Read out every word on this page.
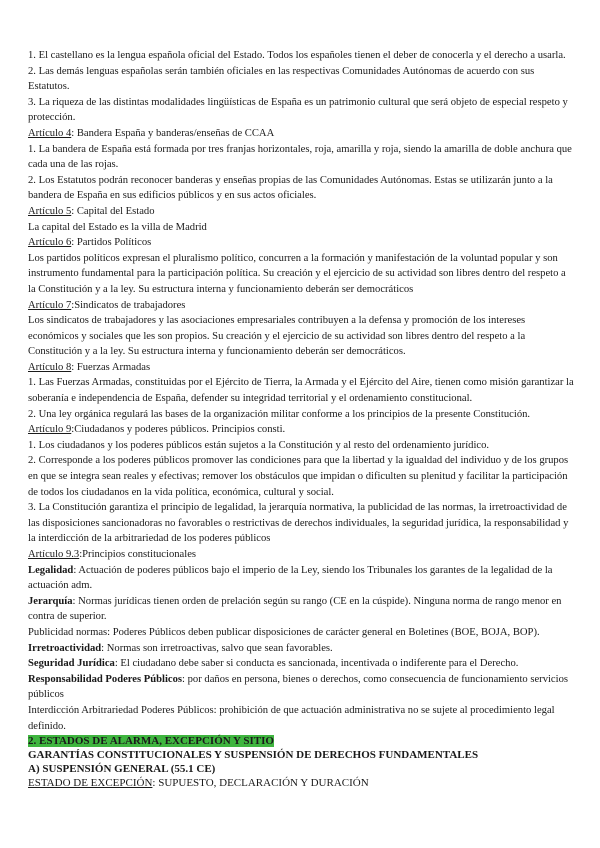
1. El castellano es la lengua española oficial del Estado. Todos los españoles tienen el deber de conocerla y el derecho a usarla.

2. Las demás lenguas españolas serán también oficiales en las respectivas Comunidades Autónomas de acuerdo con sus Estatutos.

3. La riqueza de las distintas modalidades lingüísticas de España es un patrimonio cultural que será objeto de especial respeto y protección.

Artículo 4: Bandera España y banderas/enseñas de CCAA

1. La bandera de España está formada por tres franjas horizontales, roja, amarilla y roja, siendo la amarilla de doble anchura que cada una de las rojas.

2. Los Estatutos podrán reconocer banderas y enseñas propias de las Comunidades Autónomas. Estas se utilizarán junto a la bandera de España en sus edificios públicos y en sus actos oficiales.

Artículo 5: Capital del Estado

La capital del Estado es la villa de Madrid

Artículo 6: Partidos Políticos

Los partidos políticos expresan el pluralismo político, concurren a la formación y manifestación de la voluntad popular y son instrumento fundamental para la participación política. Su creación y el ejercicio de su actividad son libres dentro del respeto a la Constitución y a la ley. Su estructura interna y funcionamiento deberán ser democráticos

Artículo 7:Sindicatos de trabajadores

Los sindicatos de trabajadores y las asociaciones empresariales contribuyen a la defensa y promoción de los intereses económicos y sociales que les son propios. Su creación y el ejercicio de su actividad son libres dentro del respeto a la Constitución y a la ley. Su estructura interna y funcionamiento deberán ser democráticos.

Artículo 8: Fuerzas Armadas

1. Las Fuerzas Armadas, constituidas por el Ejército de Tierra, la Armada y el Ejército del Aire, tienen como misión garantizar la soberanía e independencia de España, defender su integridad territorial y el ordenamiento constitucional.

2. Una ley orgánica regulará las bases de la organización militar conforme a los principios de la presente Constitución.

Artículo 9:Ciudadanos y poderes públicos. Principios consti.

1. Los ciudadanos y los poderes públicos están sujetos a la Constitución y al resto del ordenamiento jurídico.

2. Corresponde a los poderes públicos promover las condiciones para que la libertad y la igualdad del individuo y de los grupos en que se integra sean reales y efectivas; remover los obstáculos que impidan o dificulten su plenitud y facilitar la participación de todos los ciudadanos en la vida política, económica, cultural y social.

3. La Constitución garantiza el principio de legalidad, la jerarquía normativa, la publicidad de las normas, la irretroactividad de las disposiciones sancionadoras no favorables o restrictivas de derechos individuales, la seguridad jurídica, la responsabilidad y la interdicción de la arbitrariedad de los poderes públicos

Artículo 9.3:Principios constitucionales

Legalidad: Actuación de poderes públicos bajo el imperio de la Ley, siendo los Tribunales los garantes de la legalidad de la actuación adm.

Jerarquía: Normas jurídicas tienen orden de prelación según su rango (CE en la cúspide). Ninguna norma de rango menor en contra de superior.

Publicidad normas: Poderes Públicos deben publicar disposiciones de carácter general en Boletines (BOE, BOJA, BOP).

Irretroactividad: Normas son irretroactivas, salvo que sean favorables.

Seguridad Jurídica: El ciudadano debe saber si conducta es sancionada, incentivada o indiferente para el Derecho.

Responsabilidad Poderes Públicos: por daños en persona, bienes o derechos, como consecuencia de funcionamiento servicios públicos

Interdicción Arbitrariedad Poderes Públicos: prohibición de que actuación administrativa no se sujete al procedimiento legal definido.

2. ESTADOS DE ALARMA, EXCEPCIÓN Y SITIO

GARANTÍAS CONSTITUCIONALES Y SUSPENSIÓN DE DERECHOS FUNDAMENTALES

A) SUSPENSIÓN GENERAL (55.1 CE)

ESTADO DE EXCEPCIÓN: SUPUESTO, DECLARACIÓN Y DURACIÓN
